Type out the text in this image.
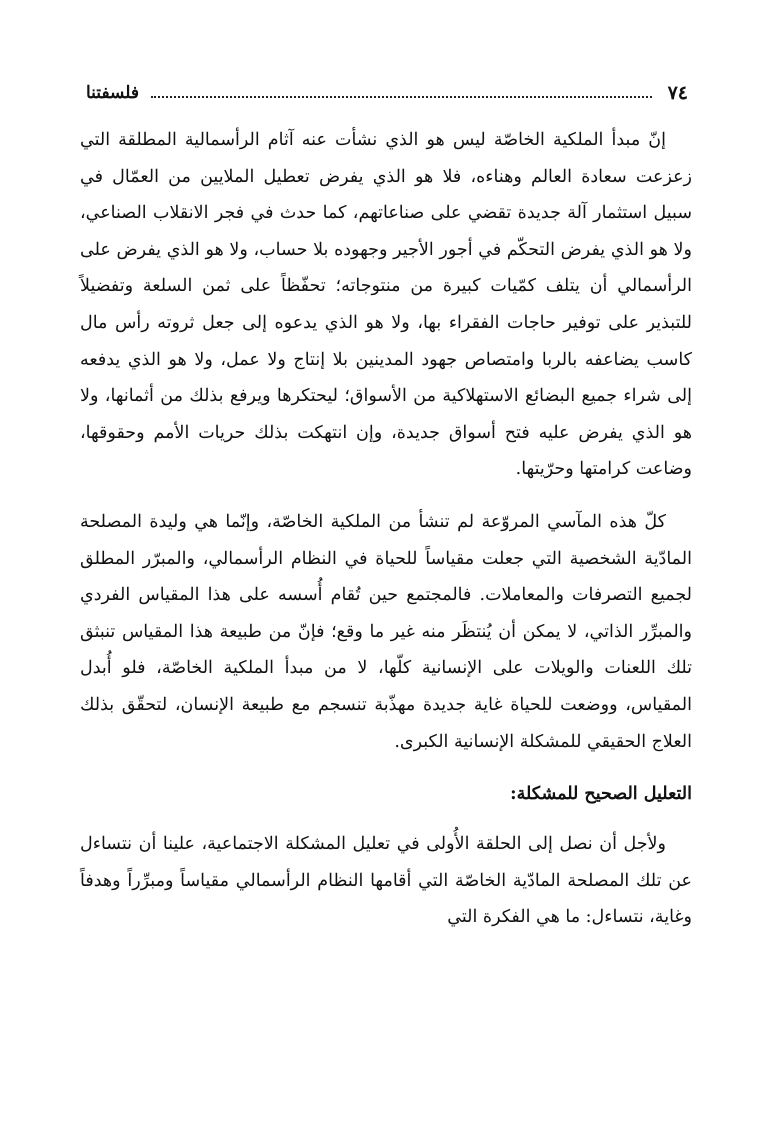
٧٤
فلسفتنا

إنّ مبدأ الملكية الخاصّة ليس هو الذي نشأت عنه آثام الرأسمالية المطلقة التي زعزعت سعادة العالم وهناءه، فلا هو الذي يفرض تعطيل الملايين من العمّال في سبيل استثمار آلة جديدة تقضي على صناعاتهم، كما حدث في فجر الانقلاب الصناعي، ولا هو الذي يفرض التحكّم في أجور الأجير وجهوده بلا حساب، ولا هو الذي يفرض على الرأسمالي أن يتلف كمّيات كبيرة من منتوجاته؛ تحفّظاً على ثمن السلعة وتفضيلاً للتبذير على توفير حاجات الفقراء بها، ولا هو الذي يدعوه إلى جعل ثروته رأس مال كاسب يضاعفه بالربا وامتصاص جهود المدينين بلا إنتاج ولا عمل، ولا هو الذي يدفعه إلى شراء جميع البضائع الاستهلاكية من الأسواق؛ ليحتكرها ويرفع بذلك من أثمانها، ولا هو الذي يفرض عليه فتح أسواق جديدة، وإن انتهكت بذلك حريات الأمم وحقوقها، وضاعت كرامتها وحرّيتها.

كلّ هذه المآسي المروّعة لم تنشأ من الملكية الخاصّة، وإنّما هي وليدة المصلحة المادّية الشخصية التي جعلت مقياساً للحياة في النظام الرأسمالي، والمبرّر المطلق لجميع التصرفات والمعاملات. فالمجتمع حين تُقام أُسسه على هذا المقياس الفردي والمبرِّر الذاتي، لا يمكن أن يُنتظَر منه غير ما وقع؛ فإنّ من طبيعة هذا المقياس تنبثق تلك اللعنات والويلات على الإنسانية كلّها، لا من مبدأ الملكية الخاصّة، فلو أُبدل المقياس، ووضعت للحياة غاية جديدة مهذّبة تنسجم مع طبيعة الإنسان، لتحقّق بذلك العلاج الحقيقي للمشكلة الإنسانية الكبرى.

التعليل الصحيح للمشكلة:

ولأجل أن نصل إلى الحلقة الأُولى في تعليل المشكلة الاجتماعية، علينا أن نتساءل عن تلك المصلحة المادّية الخاصّة التي أقامها النظام الرأسمالي مقياساً ومبرِّراً وهدفاً وغاية، نتساءل: ما هي الفكرة التي
